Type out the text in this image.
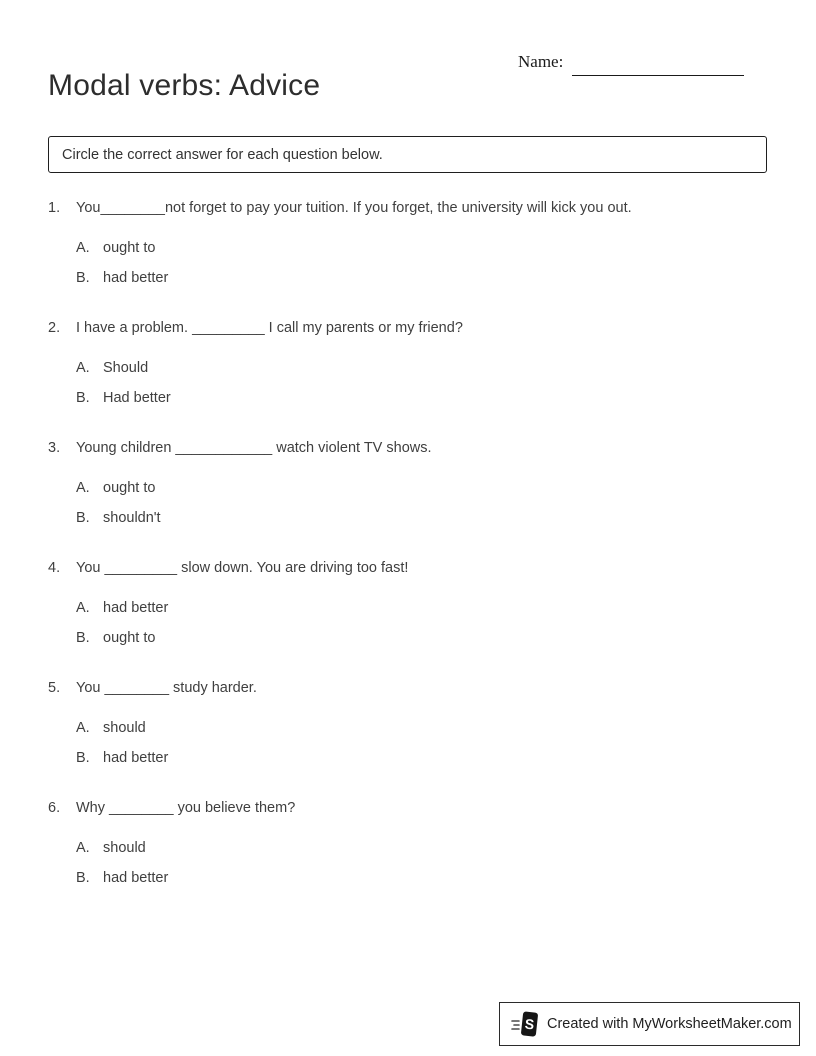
Modal verbs: Advice
Name:
Circle the correct answer for each question below.

1.	You________not forget to pay your tuition. If you forget, the university will kick you out.

A. ought to
B. had better

2.	I have a problem. _________ I call my parents or my friend?

A. Should
B. Had better

3.	Young children ____________ watch violent TV shows.

A. ought to
B. shouldn't

4.	You _________ slow down. You are driving too fast!

A. had better
B. ought to

5.	You ________ study harder.

A. should
B. had better

6.	Why ________ you believe them?

A. should
B. had better
S Created with MyWorksheetMaker.com
